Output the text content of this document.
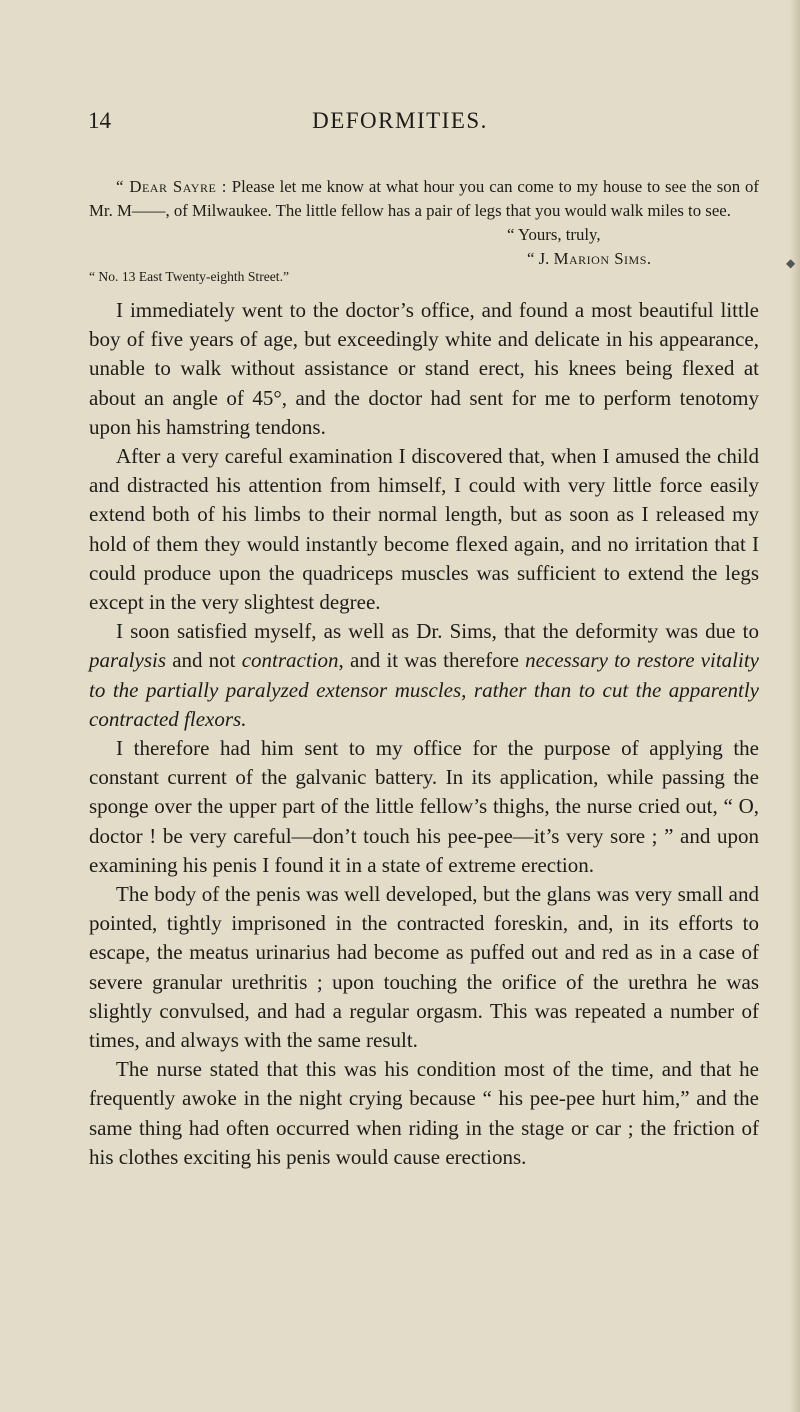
DEFORMITIES.
14

“ Dear Sayre : Please let me know at what hour you can come to my house to see the son of Mr. M——, of Milwaukee. The little fellow has a pair of legs that you would walk miles to see.

“ Yours, truly,

“ J. Marion Sims.

“ No. 13 East Twenty-eighth Street.”
◆

I immediately went to the doctor’s office, and found a most beautiful little boy of five years of age, but exceedingly white and delicate in his appearance, unable to walk without assistance or stand erect, his knees being flexed at about an angle of 45°, and the doctor had sent for me to perform tenotomy upon his hamstring tendons.

After a very careful examination I discovered that, when I amused the child and distracted his attention from himself, I could with very little force easily extend both of his limbs to their normal length, but as soon as I released my hold of them they would instantly become flexed again, and no irritation that I could produce upon the quadriceps muscles was sufficient to extend the legs except in the very slightest degree.

I soon satisfied myself, as well as Dr. Sims, that the deformity was due to paralysis and not contraction, and it was therefore necessary to restore vitality to the partially paralyzed extensor muscles, rather than to cut the apparently contracted flexors.

I therefore had him sent to my office for the purpose of applying the constant current of the galvanic battery. In its application, while passing the sponge over the upper part of the little fellow’s thighs, the nurse cried out, “ O, doctor ! be very careful—don’t touch his pee-pee—it’s very sore ; ” and upon examining his penis I found it in a state of extreme erection.

The body of the penis was well developed, but the glans was very small and pointed, tightly imprisoned in the contracted foreskin, and, in its efforts to escape, the meatus urinarius had become as puffed out and red as in a case of severe granular urethritis ; upon touching the orifice of the urethra he was slightly convulsed, and had a regular orgasm. This was repeated a number of times, and always with the same result.

The nurse stated that this was his condition most of the time, and that he frequently awoke in the night crying because “ his pee-pee hurt him,” and the same thing had often occurred when riding in the stage or car ; the friction of his clothes exciting his penis would cause erections.
